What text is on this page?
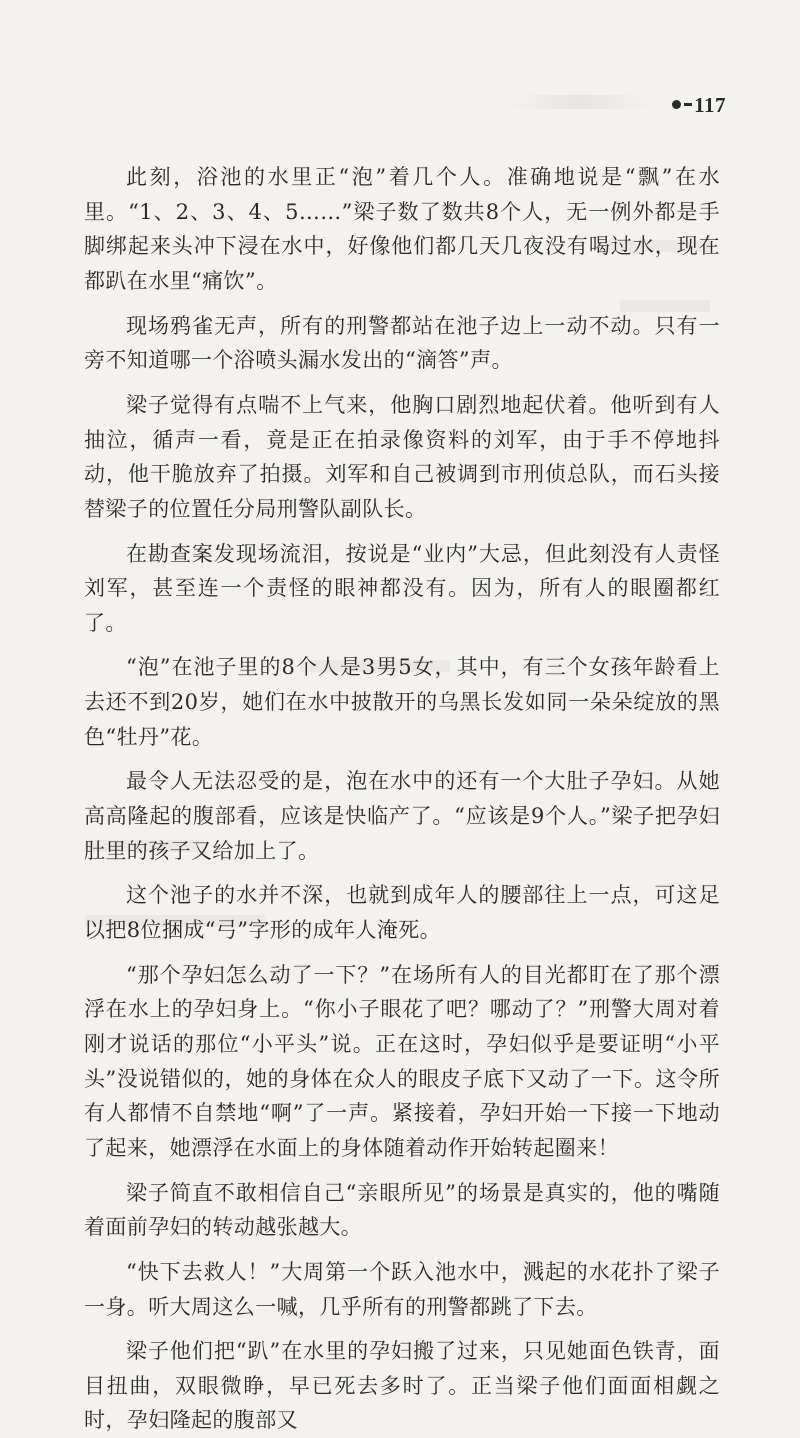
117

此刻，浴池的水里正“泡”着几个人。准确地说是“飘”在水里。“1、2、3、4、5……”梁子数了数共8个人，无一例外都是手脚绑起来头冲下浸在水中，好像他们都几天几夜没有喝过水，现在都趴在水里“痛饮”。

现场鸦雀无声，所有的刑警都站在池子边上一动不动。只有一旁不知道哪一个浴喷头漏水发出的“滴答”声。

梁子觉得有点喘不上气来，他胸口剧烈地起伏着。他听到有人抽泣，循声一看，竟是正在拍录像资料的刘军，由于手不停地抖动，他干脆放弃了拍摄。刘军和自己被调到市刑侦总队，而石头接替梁子的位置任分局刑警队副队长。

在勘查案发现场流泪，按说是“业内”大忌，但此刻没有人责怪刘军，甚至连一个责怪的眼神都没有。因为，所有人的眼圈都红了。

“泡”在池子里的8个人是3男5女，其中，有三个女孩年龄看上去还不到20岁，她们在水中披散开的乌黑长发如同一朵朵绽放的黑色“牡丹”花。

最令人无法忍受的是，泡在水中的还有一个大肚子孕妇。从她高高隆起的腹部看，应该是快临产了。“应该是9个人。”梁子把孕妇肚里的孩子又给加上了。

这个池子的水并不深，也就到成年人的腰部往上一点，可这足以把8位捆成“弓”字形的成年人淹死。

“那个孕妇怎么动了一下？”在场所有人的目光都盯在了那个漂浮在水上的孕妇身上。“你小子眼花了吧？哪动了？”刑警大周对着刚才说话的那位“小平头”说。正在这时，孕妇似乎是要证明“小平头”没说错似的，她的身体在众人的眼皮子底下又动了一下。这令所有人都情不自禁地“啊”了一声。紧接着，孕妇开始一下接一下地动了起来，她漂浮在水面上的身体随着动作开始转起圈来！

梁子简直不敢相信自己“亲眼所见”的场景是真实的，他的嘴随着面前孕妇的转动越张越大。

“快下去救人！”大周第一个跃入池水中，溅起的水花扑了梁子一身。听大周这么一喊，几乎所有的刑警都跳了下去。

梁子他们把“趴”在水里的孕妇搬了过来，只见她面色铁青，面目扭曲，双眼微睁，早已死去多时了。正当梁子他们面面相觑之时，孕妇隆起的腹部又
